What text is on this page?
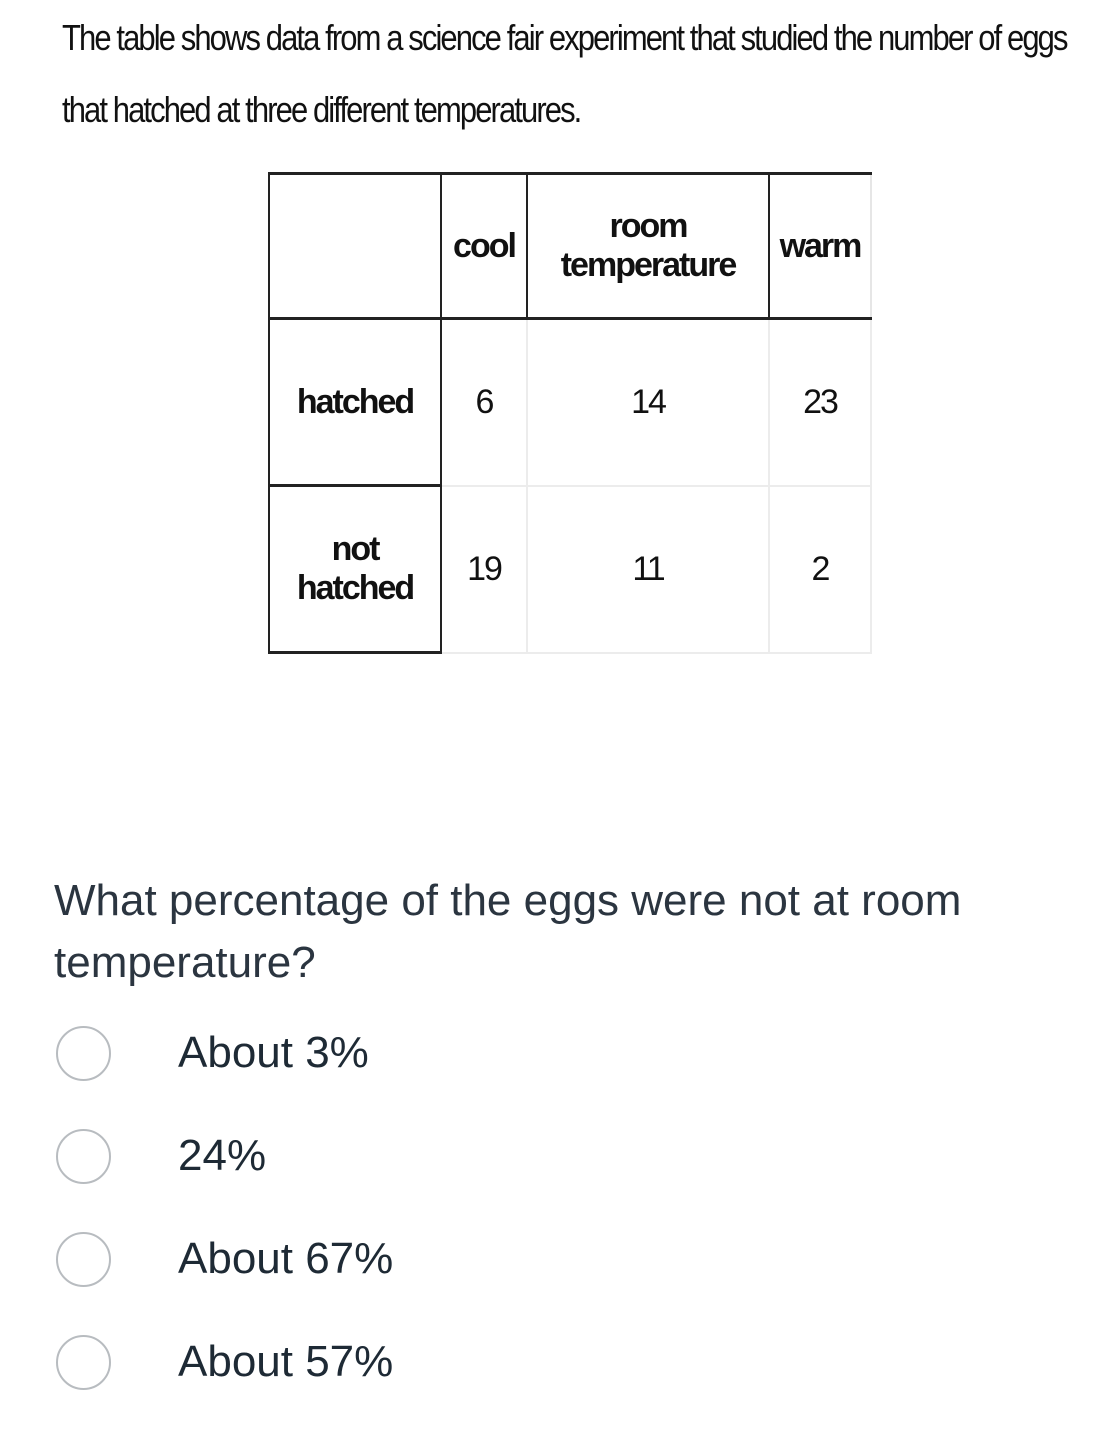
The table shows data from a science fair experiment that studied the number of eggs that hatched at three different temperatures.
	cool	room temperature	warm
hatched	6	14	23
not hatched	19	11	2
What percentage of the eggs were not at room temperature?
About 3%
24%
About 67%
About 57%
